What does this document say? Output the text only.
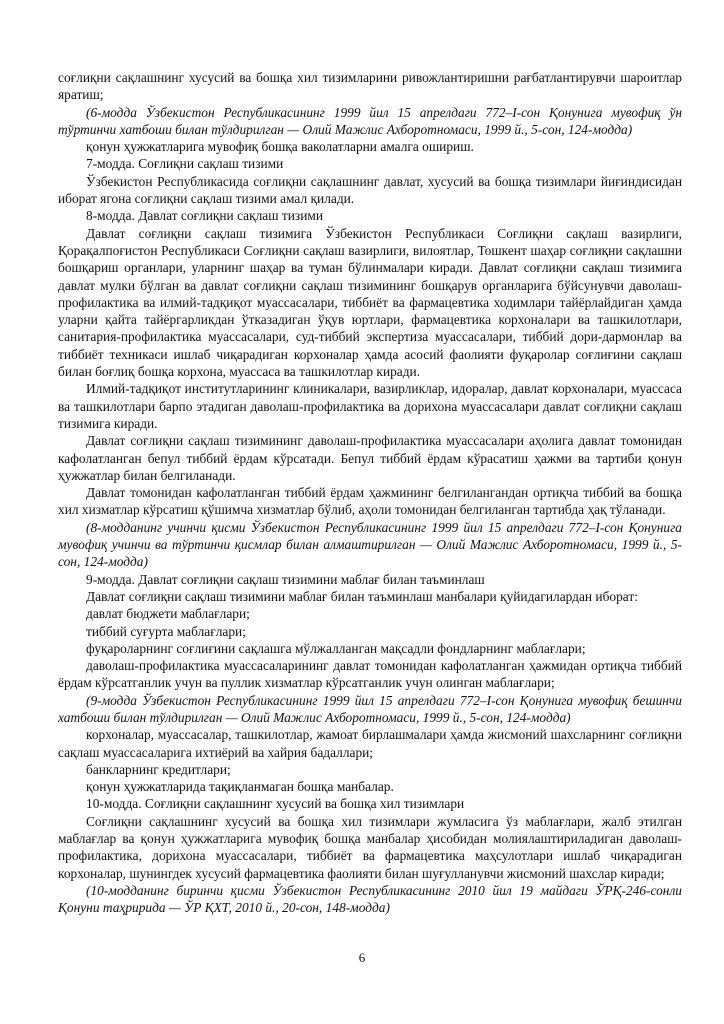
соғлиқни сақлашнинг хусусий ва бошқа хил тизимларини ривожлантиришни рағбатлантирувчи шароитлар яратиш;

(6-модда Ўзбекистон Республикасининг 1999 йил 15 апрелдаги 772–I-сон Қонунига мувофиқ ўн тўртинчи хатбоши билан тўлдирилган — Олий Мажлис Ахборотномаси, 1999 й., 5-сон, 124-модда)

қонун ҳужжатларига мувофиқ бошқа ваколатларни амалга ошириш.

7-модда. Соғлиқни сақлаш тизими

Ўзбекистон Республикасида соғлиқни сақлашнинг давлат, хусусий ва бошқа тизимлари йиғиндисидан иборат ягона соғлиқни сақлаш тизими амал қилади.

8-модда. Давлат соғлиқни сақлаш тизими

Давлат соғлиқни сақлаш тизимига Ўзбекистон Республикаси Соғлиқни сақлаш вазирлиги, Қорақалпоғистон Республикаси Соғлиқни сақлаш вазирлиги, вилоятлар, Тошкент шаҳар соғлиқни сақлашни бошқариш органлари, уларнинг шаҳар ва туман бўлинмалари киради. Давлат соғлиқни сақлаш тизимига давлат мулки бўлган ва давлат соғлиқни сақлаш тизимининг бошқарув органларига бўйсунувчи даволаш-профилактика ва илмий-тадқиқот муассасалари, тиббиёт ва фармацевтика ходимлари тайёрлайдиган ҳамда уларни қайта тайёргарликдан ўтказадиган ўқув юртлари, фармацевтика корхоналари ва ташкилотлари, санитария-профилактика муассасалари, суд-тиббий экспертиза муассасалари, тиббий дори-дармонлар ва тиббиёт техникаси ишлаб чиқарадиган корхоналар ҳамда асосий фаолияти фуқаролар соғлиғини сақлаш билан боғлиқ бошқа корхона, муассаса ва ташкилотлар киради.

Илмий-тадқиқот институтларининг клиникалари, вазирликлар, идоралар, давлат корхоналари, муассаса ва ташкилотлари барпо этадиган даволаш-профилактика ва дорихона муассасалари давлат соғлиқни сақлаш тизимига киради.

Давлат соғлиқни сақлаш тизимининг даволаш-профилактика муассасалари аҳолига давлат томонидан кафолатланган бепул тиббий ёрдам кўрсатади. Бепул тиббий ёрдам кўрасатиш ҳажми ва тартиби қонун ҳужжатлар билан белгиланади.

Давлат томонидан кафолатланган тиббий ёрдам ҳажмининг белгилангандан ортиқча тиббий ва бошқа хил хизматлар кўрсатиш қўшимча хизматлар бўлиб, аҳоли томонидан белгиланган тартибда ҳақ тўланади.

(8-модданинг учинчи қисми Ўзбекистон Республикасининг 1999 йил 15 апрелдаги 772–I-сон Қонунига мувофиқ учинчи ва тўртинчи қисмлар билан алмаштирилган — Олий Мажлис Ахборотномаси, 1999 й., 5-сон, 124-модда)

9-модда. Давлат соғлиқни сақлаш тизимини маблағ билан таъминлаш

Давлат соғлиқни сақлаш тизимини маблағ билан таъминлаш манбалари қуйидагилардан иборат:

давлат бюджети маблағлари;

тиббий суғурта маблағлари;

фуқароларнинг соғлиғини сақлашга мўлжалланган мақсадли фондларнинг маблағлари;

даволаш-профилактика муассасаларининг давлат томонидан кафолатланган ҳажмидан ортиқча тиббий ёрдам кўрсатганлик учун ва пуллик хизматлар кўрсатганлик учун олинган маблағлари;

(9-модда Ўзбекистон Республикасининг 1999 йил 15 апрелдаги 772–I-сон Қонунига мувофиқ бешинчи хатбоши билан тўлдирилган — Олий Мажлис Ахборотномаси, 1999 й., 5-сон, 124-модда)

корхоналар, муассасалар, ташкилотлар, жамоат бирлашмалари ҳамда жисмоний шахсларнинг соғлиқни сақлаш муассасаларига ихтиёрий ва хайрия бадаллари;

банкларнинг кредитлари;

қонун ҳужжатларида тақиқланмаган бошқа манбалар.

10-модда. Соғлиқни сақлашнинг хусусий ва бошқа хил тизимлари

Соғлиқни сақлашнинг хусусий ва бошқа хил тизимлари жумласига ўз маблағлари, жалб этилган маблағлар ва қонун ҳужжатларига мувофиқ бошқа манбалар ҳисобидан молиялаштириладиган даволаш-профилактика, дорихона муассасалари, тиббиёт ва фармацевтика маҳсулотлари ишлаб чиқарадиган корхоналар, шунингдек хусусий фармацевтика фаолияти билан шуғулланувчи жисмоний шахслар киради;

(10-модданинг биринчи қисми Ўзбекистон Республикасининг 2010 йил 19 майдаги ЎРҚ-246-сонли Қонуни таҳририда — ЎР ҚХТ, 2010 й., 20-сон, 148-модда)

6
